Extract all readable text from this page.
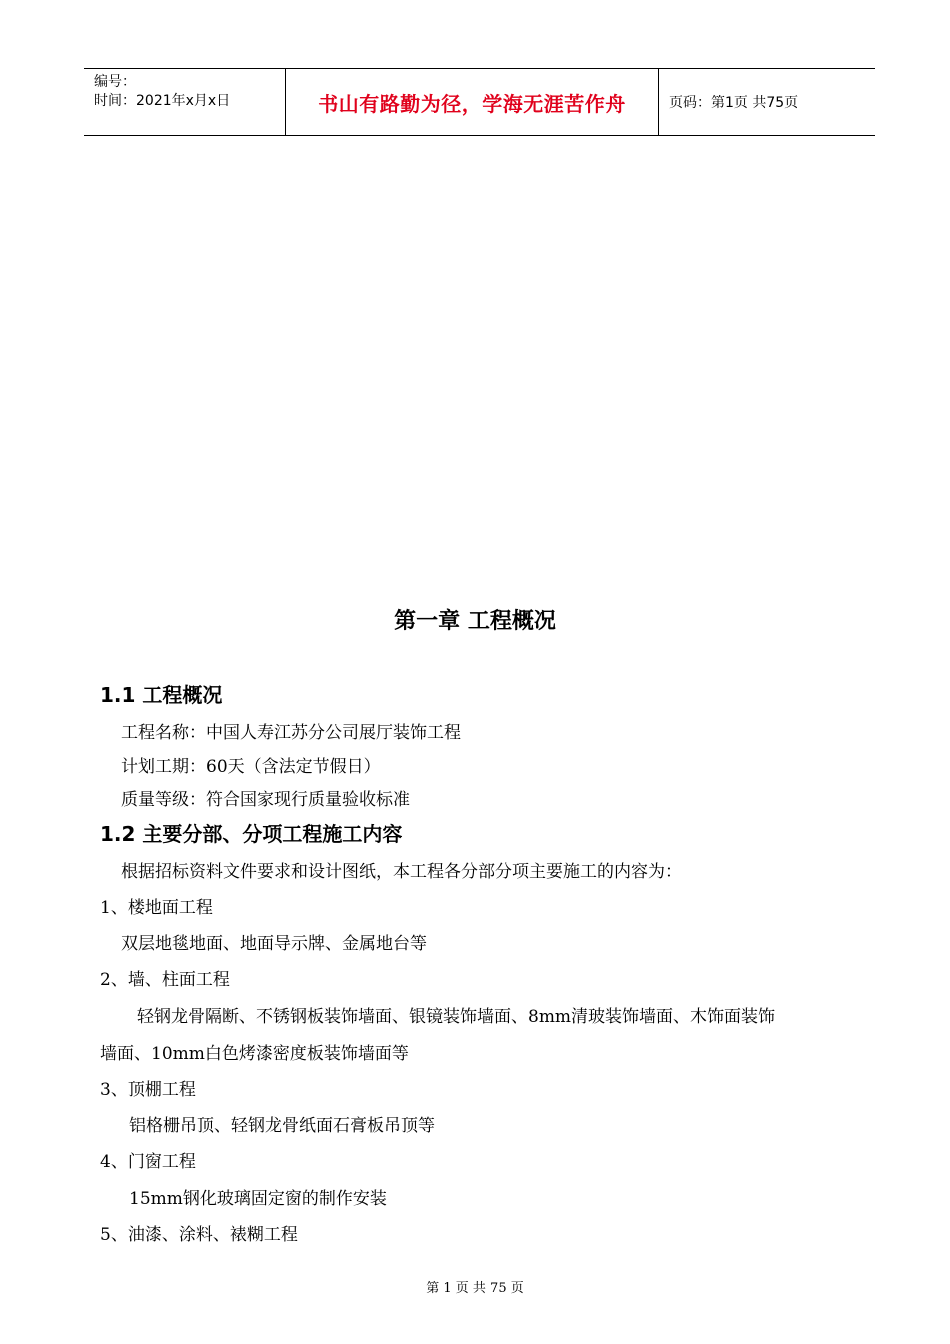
编号：
时间：2021年x月x日	书山有路勤为径，学海无涯苦作舟	页码：第1页 共75页
第一章 工程概况
1.1 工程概况
工程名称：中国人寿江苏分公司展厅装饰工程
计划工期：60天（含法定节假日）
质量等级：符合国家现行质量验收标准
1.2 主要分部、分项工程施工内容
根据招标资料文件要求和设计图纸，本工程各分部分项主要施工的内容为：
1、楼地面工程
双层地毯地面、地面导示牌、金属地台等
2、墙、柱面工程
轻钢龙骨隔断、不锈钢板装饰墙面、银镜装饰墙面、8mm清玻装饰墙面、木饰面装饰
墙面、10mm白色烤漆密度板装饰墙面等
3、顶棚工程
铝格栅吊顶、轻钢龙骨纸面石膏板吊顶等
4、门窗工程
15mm钢化玻璃固定窗的制作安装
5、油漆、涂料、裱糊工程
第 1 页 共 75 页
